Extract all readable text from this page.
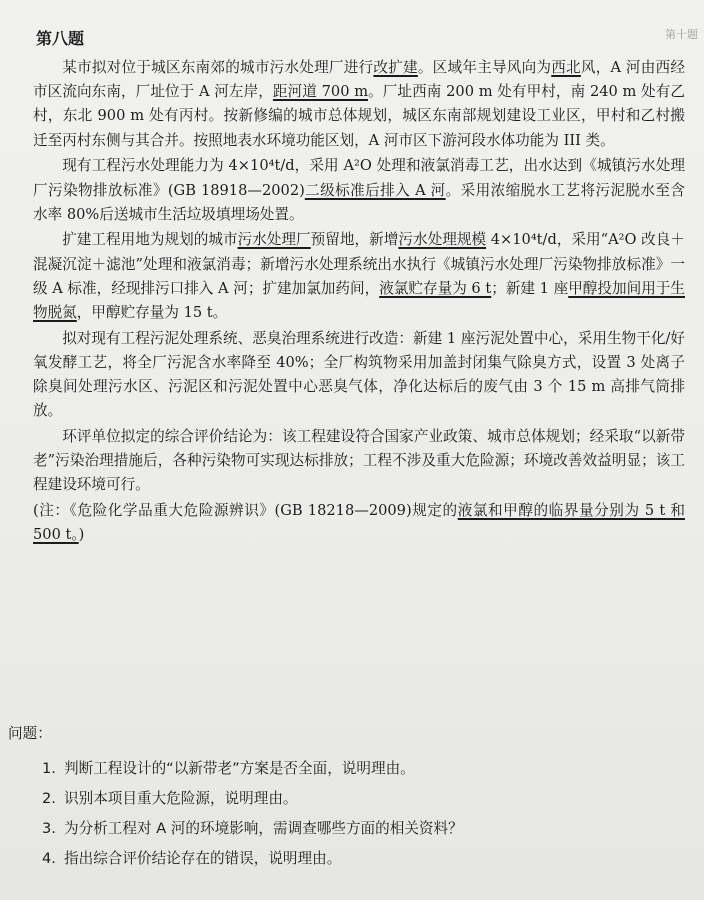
第十题
第八题

某市拟对位于城区东南郊的城市污水处理厂进行改扩建。区域年主导风向为西北风，A 河由西经市区流向东南，厂址位于 A 河左岸，距河道 700 m。厂址西南 200 m 处有甲村，南 240 m 处有乙村，东北 900 m 处有丙村。按新修编的城市总体规划，城区东南部规划建设工业区，甲村和乙村搬迁至丙村东侧与其合并。按照地表水环境功能区划，A 河市区下游河段水体功能为 III 类。

现有工程污水处理能力为 4×10⁴t/d，采用 A²O 处理和液氯消毒工艺，出水达到《城镇污水处理厂污染物排放标准》(GB 18918—2002)二级标准后排入 A 河。采用浓缩脱水工艺将污泥脱水至含水率 80%后送城市生活垃圾填埋场处置。

扩建工程用地为规划的城市污水处理厂预留地，新增污水处理规模 4×10⁴t/d，采用“A²O 改良＋混凝沉淀＋滤池”处理和液氯消毒；新增污水处理系统出水执行《城镇污水处理厂污染物排放标准》一级 A 标准，经现排污口排入 A 河；扩建加氯加药间，液氯贮存量为 6 t；新建 1 座甲醇投加间用于生物脱氮，甲醇贮存量为 15 t。

拟对现有工程污泥处理系统、恶臭治理系统进行改造：新建 1 座污泥处置中心，采用生物干化/好氧发酵工艺，将全厂污泥含水率降至 40%；全厂构筑物采用加盖封闭集气除臭方式，设置 3 处离子除臭间处理污水区、污泥区和污泥处置中心恶臭气体，净化达标后的废气由 3 个 15 m 高排气筒排放。

环评单位拟定的综合评价结论为：该工程建设符合国家产业政策、城市总体规划；经采取“以新带老”污染治理措施后，各种污染物可实现达标排放；工程不涉及重大危险源；环境改善效益明显；该工程建设环境可行。

(注：《危险化学品重大危险源辨识》(GB 18218—2009)规定的液氯和甲醇的临界量分别为 5 t 和 500 t。)

问题：
1. 判断工程设计的“以新带老”方案是否全面，说明理由。
2. 识别本项目重大危险源，说明理由。
3. 为分析工程对 A 河的环境影响，需调查哪些方面的相关资料？
4. 指出综合评价结论存在的错误，说明理由。
